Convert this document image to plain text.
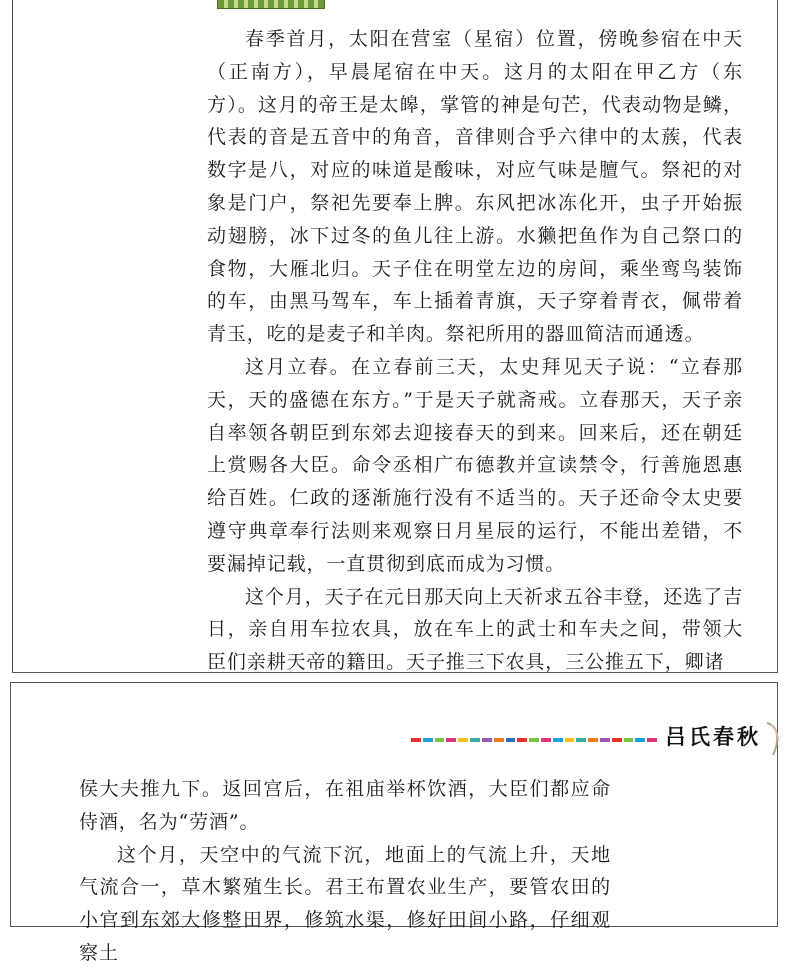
春季首月，太阳在营室（星宿）位置，傍晚参宿在中天（正南方），早晨尾宿在中天。这月的太阳在甲乙方（东方）。这月的帝王是太皞，掌管的神是句芒，代表动物是鳞，代表的音是五音中的角音，音律则合乎六律中的太蔟，代表数字是八，对应的味道是酸味，对应气味是膻气。祭祀的对象是门户，祭祀先要奉上脾。东风把冰冻化开，虫子开始振动翅膀，冰下过冬的鱼儿往上游。水獭把鱼作为自己祭口的食物，大雁北归。天子住在明堂左边的房间，乘坐鸾鸟装饰的车，由黑马驾车，车上插着青旗，天子穿着青衣，佩带着青玉，吃的是麦子和羊肉。祭祀所用的器皿简洁而通透。

这月立春。在立春前三天，太史拜见天子说：“立春那天，天的盛德在东方。”于是天子就斋戒。立春那天，天子亲自率领各朝臣到东郊去迎接春天的到来。回来后，还在朝廷上赏赐各大臣。命令丞相广布德教并宣读禁令，行善施恩惠给百姓。仁政的逐渐施行没有不适当的。天子还命令太史要遵守典章奉行法则来观察日月星辰的运行，不能出差错，不要漏掉记载，一直贯彻到底而成为习惯。

这个月，天子在元日那天向上天祈求五谷丰登，还选了吉日，亲自用车拉农具，放在车上的武士和车夫之间，带领大臣们亲耕天帝的籍田。天子推三下农具，三公推五下，卿诸

吕氏春秋

侯大夫推九下。返回宫后，在祖庙举杯饮酒，大臣们都应命侍酒，名为“劳酒”。

这个月，天空中的气流下沉，地面上的气流上升，天地气流合一，草木繁殖生长。君王布置农业生产，要管农田的小官到东郊大修整田界，修筑水渠，修好田间小路，仔细观察土
